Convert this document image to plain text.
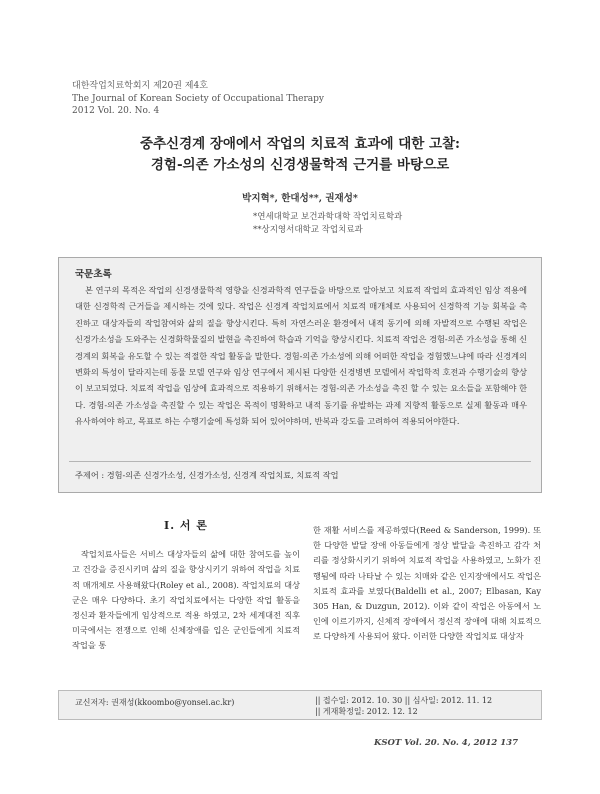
대한작업치료학회지 제20권 제4호
The Journal of Korean Society of Occupational Therapy
2012 Vol. 20. No. 4
중추신경계 장애에서 작업의 치료적 효과에 대한 고찰:
경험-의존 가소성의 신경생물학적 근거를 바탕으로
박지혁*, 한대성**, 권재성*
*연세대학교 보건과학대학 작업치료학과
**상지영서대학교 작업치료과
국문초록

본 연구의 목적은 작업의 신경생물학적 영향을 신경과학적 연구들을 바탕으로 알아보고 치료적 작업의 효과적인 임상 적용에 대한 신경학적 근거들을 제시하는 것에 있다. 작업은 신경계 작업치료에서 치료적 매개체로 사용되어 신경학적 기능 회복을 촉진하고 대상자들의 작업참여와 삶의 질을 향상시킨다. 특히 자연스러운 환경에서 내적 동기에 의해 자발적으로 수행된 작업은 신경가소성을 도와주는 신경화학물질의 발현을 촉진하여 학습과 기억을 향상시킨다. 치료적 작업은 경험-의존 가소성을 통해 신경계의 회복을 유도할 수 있는 적절한 작업 활동을 말한다. 경험-의존 가소성에 의해 어떠한 작업을 경험했느냐에 따라 신경계의 변화의 특성이 달라지는데 동물 모델 연구와 임상 연구에서 제시된 다양한 신경병변 모델에서 작업학적 호전과 수행기술의 향상이 보고되었다. 치료적 작업을 임상에 효과적으로 적용하기 위해서는 경험-의존 가소성을 촉진 할 수 있는 요소들을 포함해야 한다. 경험-의존 가소성을 촉진할 수 있는 작업은 목적이 명확하고 내적 동기를 유발하는 과제 지향적 활동으로 실제 활동과 매우 유사하여야 하고, 목표로 하는 수행기술에 특성화 되어 있어야하며, 반복과 강도를 고려하여 적용되어야한다.

주제어 : 경험-의존 신경가소성, 신경가소성, 신경계 작업치료, 치료적 작업
I. 서 론

작업치료사들은 서비스 대상자들의 삶에 대한 참여도를 높이고 건강을 증진시키며 삶의 질을 향상시키기 위하여 작업을 치료적 매개체로 사용해왔다(Roley et al., 2008). 작업치료의 대상군은 매우 다양하다. 초기 작업치료에서는 다양한 작업 활동을 정신과 환자들에게 임상적으로 적용 하였고, 2차 세계대전 직후 미국에서는 전쟁으로 인해 신체장애를 입은 군인들에게 치료적 작업을 통

한 재활 서비스를 제공하였다(Reed & Sanderson, 1999). 또한 다양한 발달 장애 아동들에게 정상 발달을 촉진하고 감각 처리를 정상화시키기 위하여 치료적 작업을 사용하였고, 노화가 진행됨에 따라 나타날 수 있는 치매와 같은 인지장애에서도 작업은 치료적 효과를 보였다(Baldelli et al., 2007; Elbasan, Kay 305 Han, & Duzgun, 2012). 이와 같이 작업은 아동에서 노인에 이르기까지, 신체적 장애에서 정신적 장애에 대해 치료적으로 다양하게 사용되어 왔다. 이러한 다양한 작업치료 대상자

교신저자: 권재성(kkoombo@yonsei.ac.kr)	|| 접수일: 2012. 10. 30 || 심사일: 2012. 11. 12
|| 게재확정일: 2012. 12. 12
KSOT Vol. 20. No. 4, 2012 137
